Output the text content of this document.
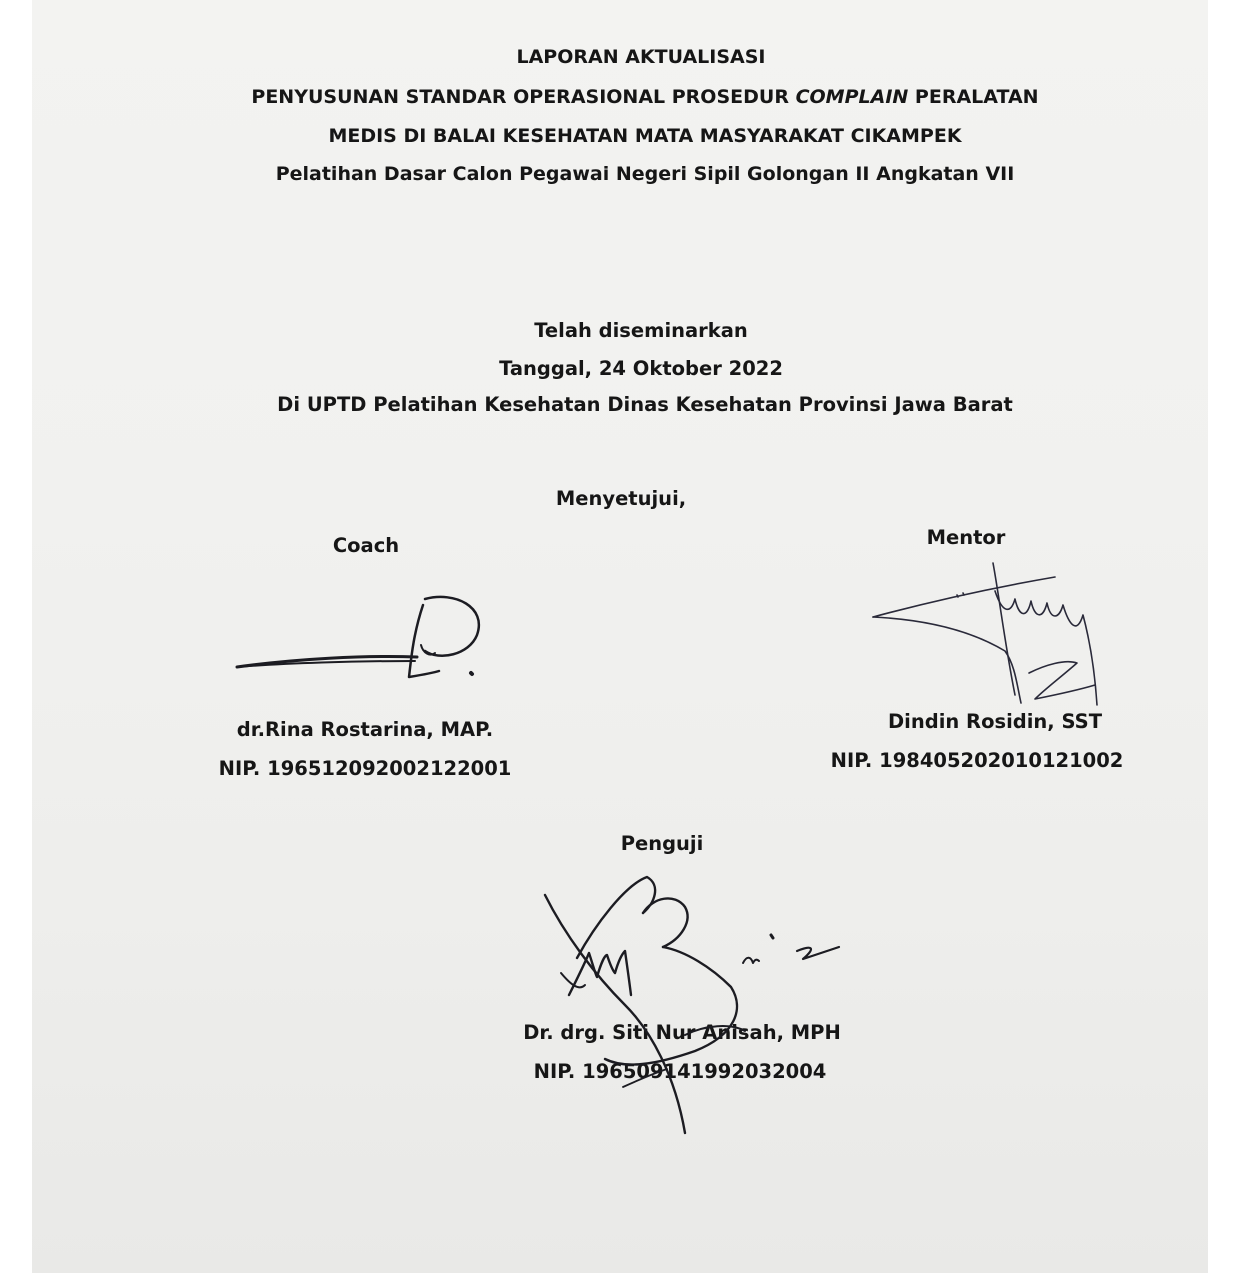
LAPORAN AKTUALISASI
PENYUSUNAN STANDAR OPERASIONAL PROSEDUR COMPLAIN PERALATAN
MEDIS DI BALAI KESEHATAN MATA MASYARAKAT CIKAMPEK
Pelatihan Dasar Calon Pegawai Negeri Sipil Golongan II Angkatan VII
Telah diseminarkan
Tanggal, 24 Oktober 2022
Di UPTD Pelatihan Kesehatan Dinas Kesehatan Provinsi Jawa Barat
Menyetujui,
Coach
dr.Rina Rostarina, MAP.
NIP. 196512092002122001
Mentor
Dindin Rosidin, SST
NIP. 198405202010121002
Penguji
Dr. drg. Siti Nur Anisah, MPH
NIP. 196509141992032004
